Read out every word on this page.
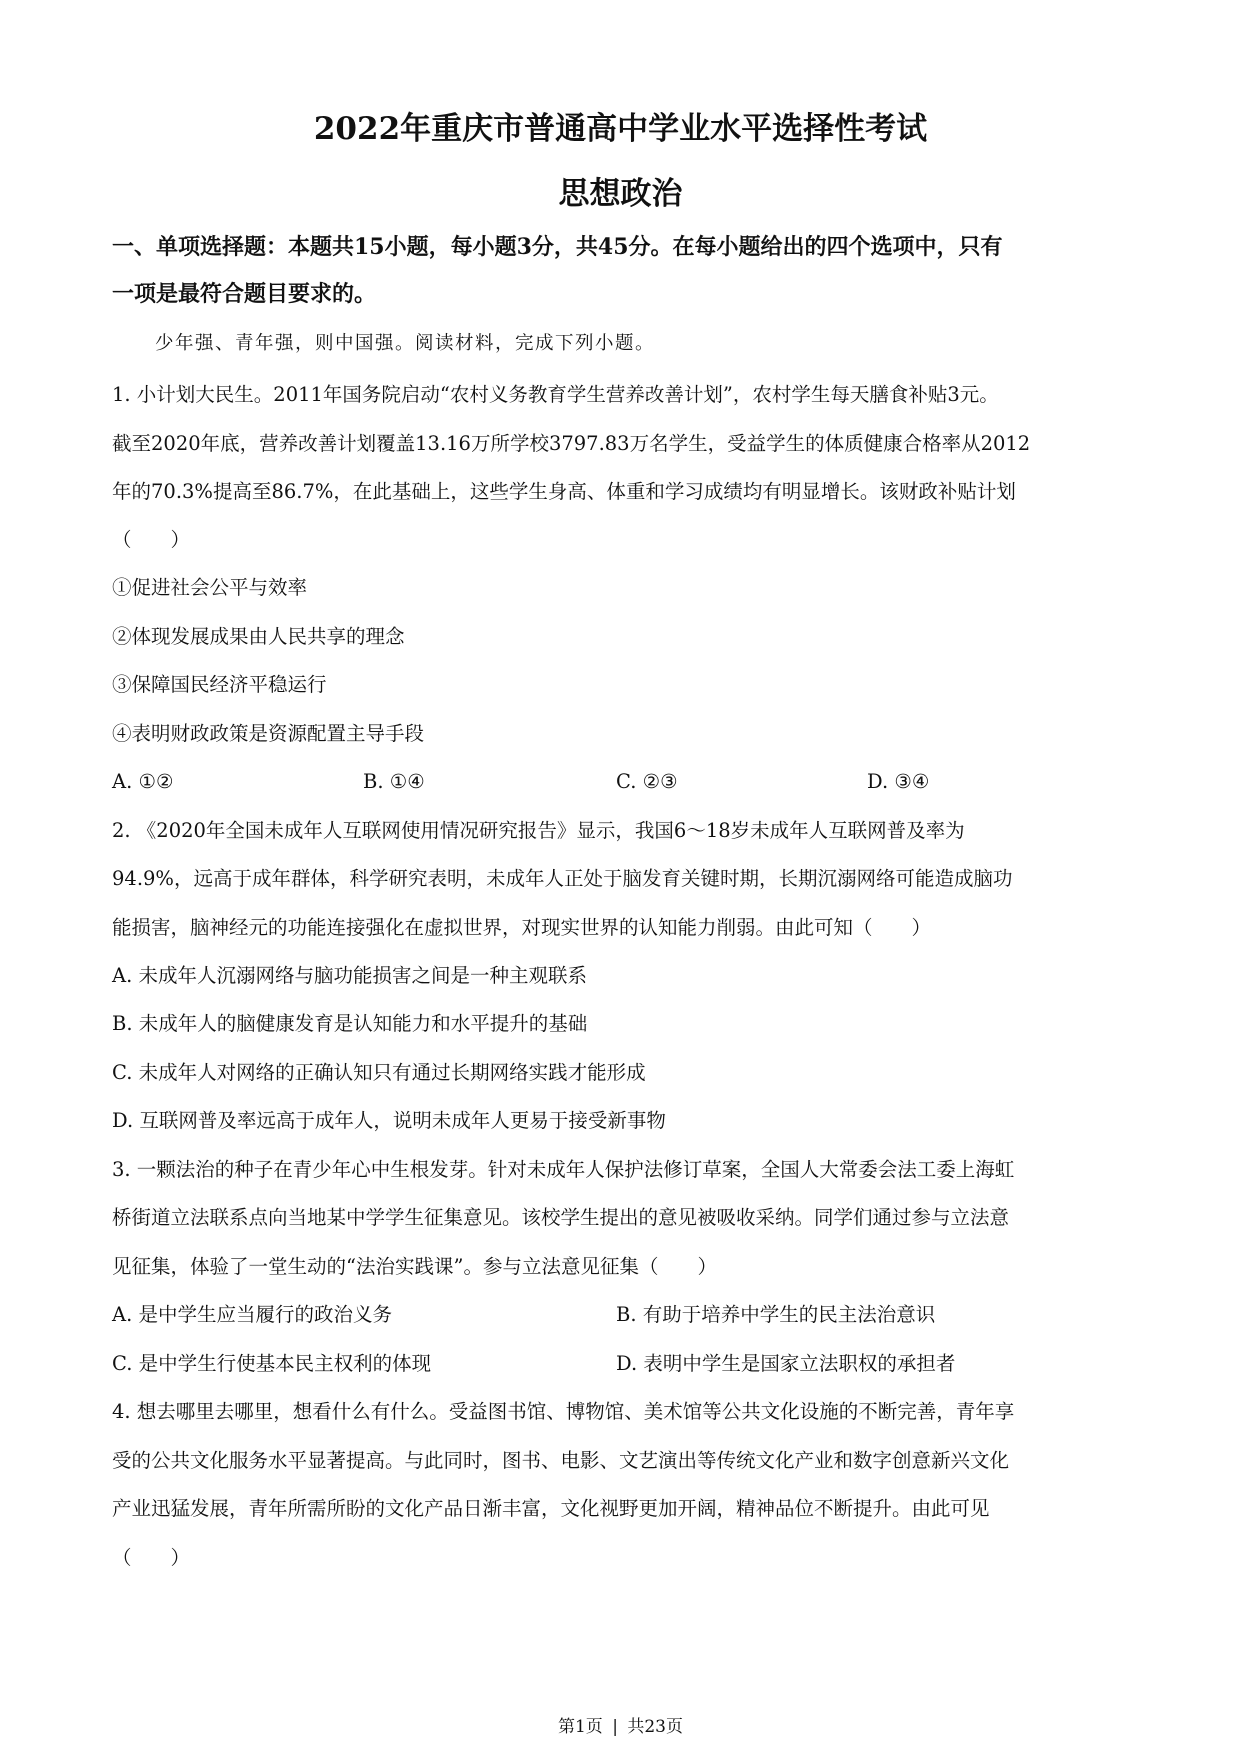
2022年重庆市普通高中学业水平选择性考试
思想政治
一、单项选择题：本题共15小题，每小题3分，共45分。在每小题给出的四个选项中，只有
一项是最符合题目要求的。
少年强、青年强，则中国强。阅读材料，完成下列小题。
1. 小计划大民生。2011年国务院启动“农村义务教育学生营养改善计划”，农村学生每天膳食补贴3元。
截至2020年底，营养改善计划覆盖13.16万所学校3797.83万名学生，受益学生的体质健康合格率从2012
年的70.3%提高至86.7%，在此基础上，这些学生身高、体重和学习成绩均有明显增长。该财政补贴计划
（　　）
①促进社会公平与效率
②体现发展成果由人民共享的理念
③保障国民经济平稳运行
④表明财政政策是资源配置主导手段
A. ①②	B. ①④	C. ②③	D. ③④
2. 《2020年全国未成年人互联网使用情况研究报告》显示，我国6～18岁未成年人互联网普及率为
94.9%，远高于成年群体，科学研究表明，未成年人正处于脑发育关键时期，长期沉溺网络可能造成脑功
能损害，脑神经元的功能连接强化在虚拟世界，对现实世界的认知能力削弱。由此可知（　　）
A. 未成年人沉溺网络与脑功能损害之间是一种主观联系
B. 未成年人的脑健康发育是认知能力和水平提升的基础
C. 未成年人对网络的正确认知只有通过长期网络实践才能形成
D. 互联网普及率远高于成年人，说明未成年人更易于接受新事物
3. 一颗法治的种子在青少年心中生根发芽。针对未成年人保护法修订草案，全国人大常委会法工委上海虹
桥街道立法联系点向当地某中学学生征集意见。该校学生提出的意见被吸收采纳。同学们通过参与立法意
见征集，体验了一堂生动的“法治实践课”。参与立法意见征集（　　）
A. 是中学生应当履行的政治义务	B. 有助于培养中学生的民主法治意识
C. 是中学生行使基本民主权利的体现	D. 表明中学生是国家立法职权的承担者
4. 想去哪里去哪里，想看什么有什么。受益图书馆、博物馆、美术馆等公共文化设施的不断完善，青年享
受的公共文化服务水平显著提高。与此同时，图书、电影、文艺演出等传统文化产业和数字创意新兴文化
产业迅猛发展，青年所需所盼的文化产品日渐丰富，文化视野更加开阔，精神品位不断提升。由此可见
（　　）
第1页 | 共23页
